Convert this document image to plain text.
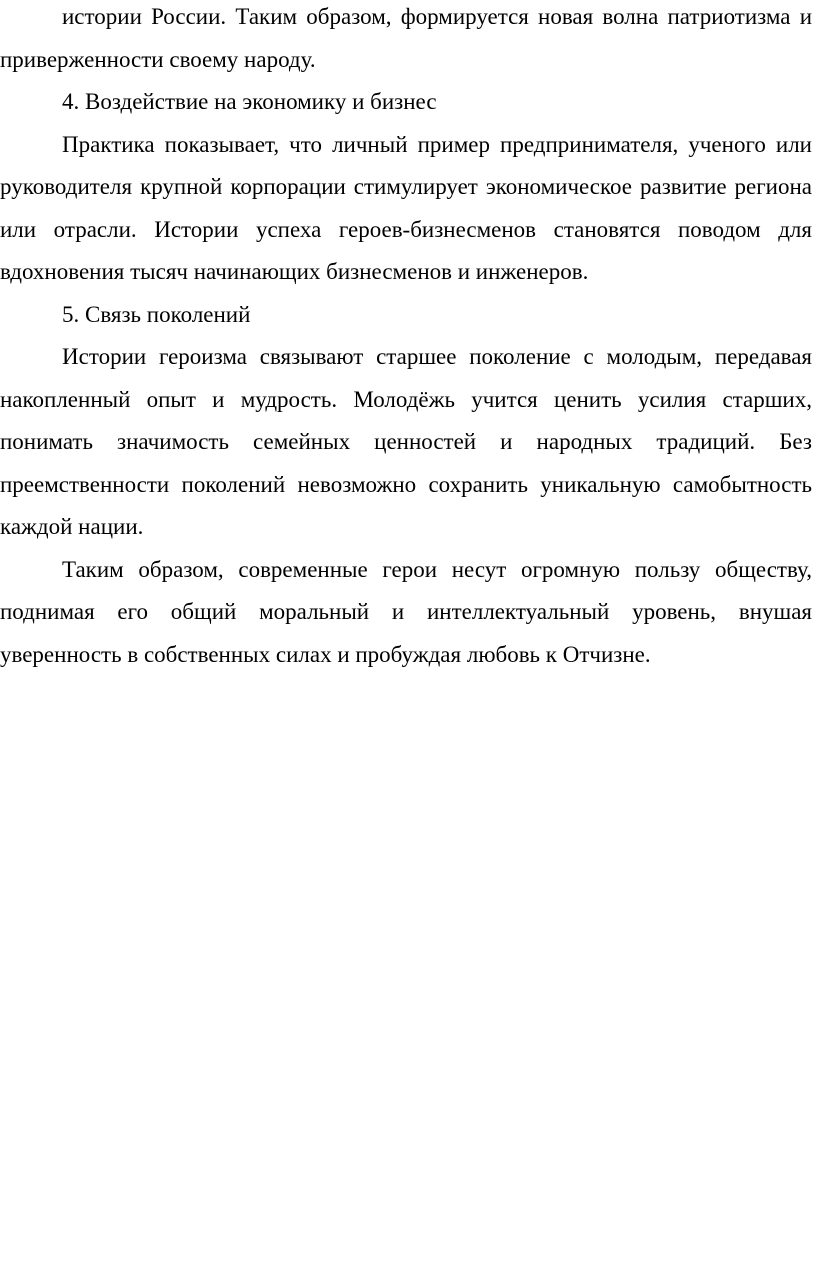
истории России. Таким образом, формируется новая волна патриотизма и приверженности своему народу.

4. Воздействие на экономику и бизнес

Практика показывает, что личный пример предпринимателя, ученого или руководителя крупной корпорации стимулирует экономическое развитие региона или отрасли. Истории успеха героев-бизнесменов становятся поводом для вдохновения тысяч начинающих бизнесменов и инженеров.

5. Связь поколений

Истории героизма связывают старшее поколение с молодым, передавая накопленный опыт и мудрость. Молодёжь учится ценить усилия старших, понимать значимость семейных ценностей и народных традиций. Без преемственности поколений невозможно сохранить уникальную самобытность каждой нации.

Таким образом, современные герои несут огромную пользу обществу, поднимая его общий моральный и интеллектуальный уровень, внушая уверенность в собственных силах и пробуждая любовь к Отчизне.
